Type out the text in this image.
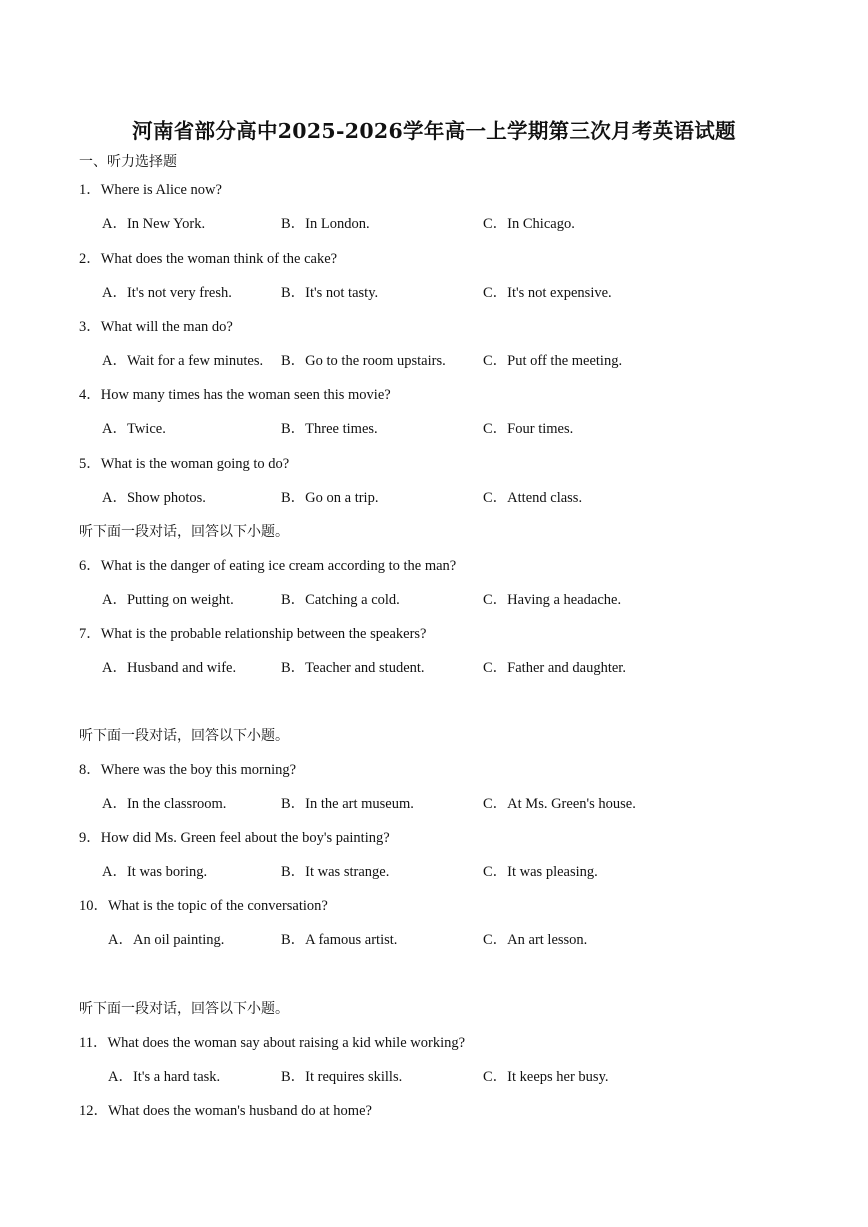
河南省部分高中2025-2026学年高一上学期第三次月考英语试题
一、听力选择题
1．Where is Alice now?
A．In New York.	B．In London.	C．In Chicago.
2．What does the woman think of the cake?
A．It's not very fresh.	B．It's not tasty.	C．It's not expensive.
3．What will the man do?
A．Wait for a few minutes. B．Go to the room upstairs.	C．Put off the meeting.
4．How many times has the woman seen this movie?
A．Twice.	B．Three times.	C．Four times.
5．What is the woman going to do?
A．Show photos.	B．Go on a trip.	C．Attend class.
听下面一段对话，回答以下小题。
6．What is the danger of eating ice cream according to the man?
A．Putting on weight.	B．Catching a cold.	C．Having a headache.
7．What is the probable relationship between the speakers?
A．Husband and wife.	B．Teacher and student.	C．Father and daughter.
听下面一段对话，回答以下小题。
8．Where was the boy this morning?
A．In the classroom.	B．In the art museum.	C．At Ms. Green's house.
9．How did Ms. Green feel about the boy's painting?
A．It was boring.	B．It was strange.	C．It was pleasing.
10．What is the topic of the conversation?
A．An oil painting.	B．A famous artist.	C．An art lesson.
听下面一段对话，回答以下小题。
11．What does the woman say about raising a kid while working?
A．It's a hard task.	B．It requires skills.	C．It keeps her busy.
12．What does the woman's husband do at home?
